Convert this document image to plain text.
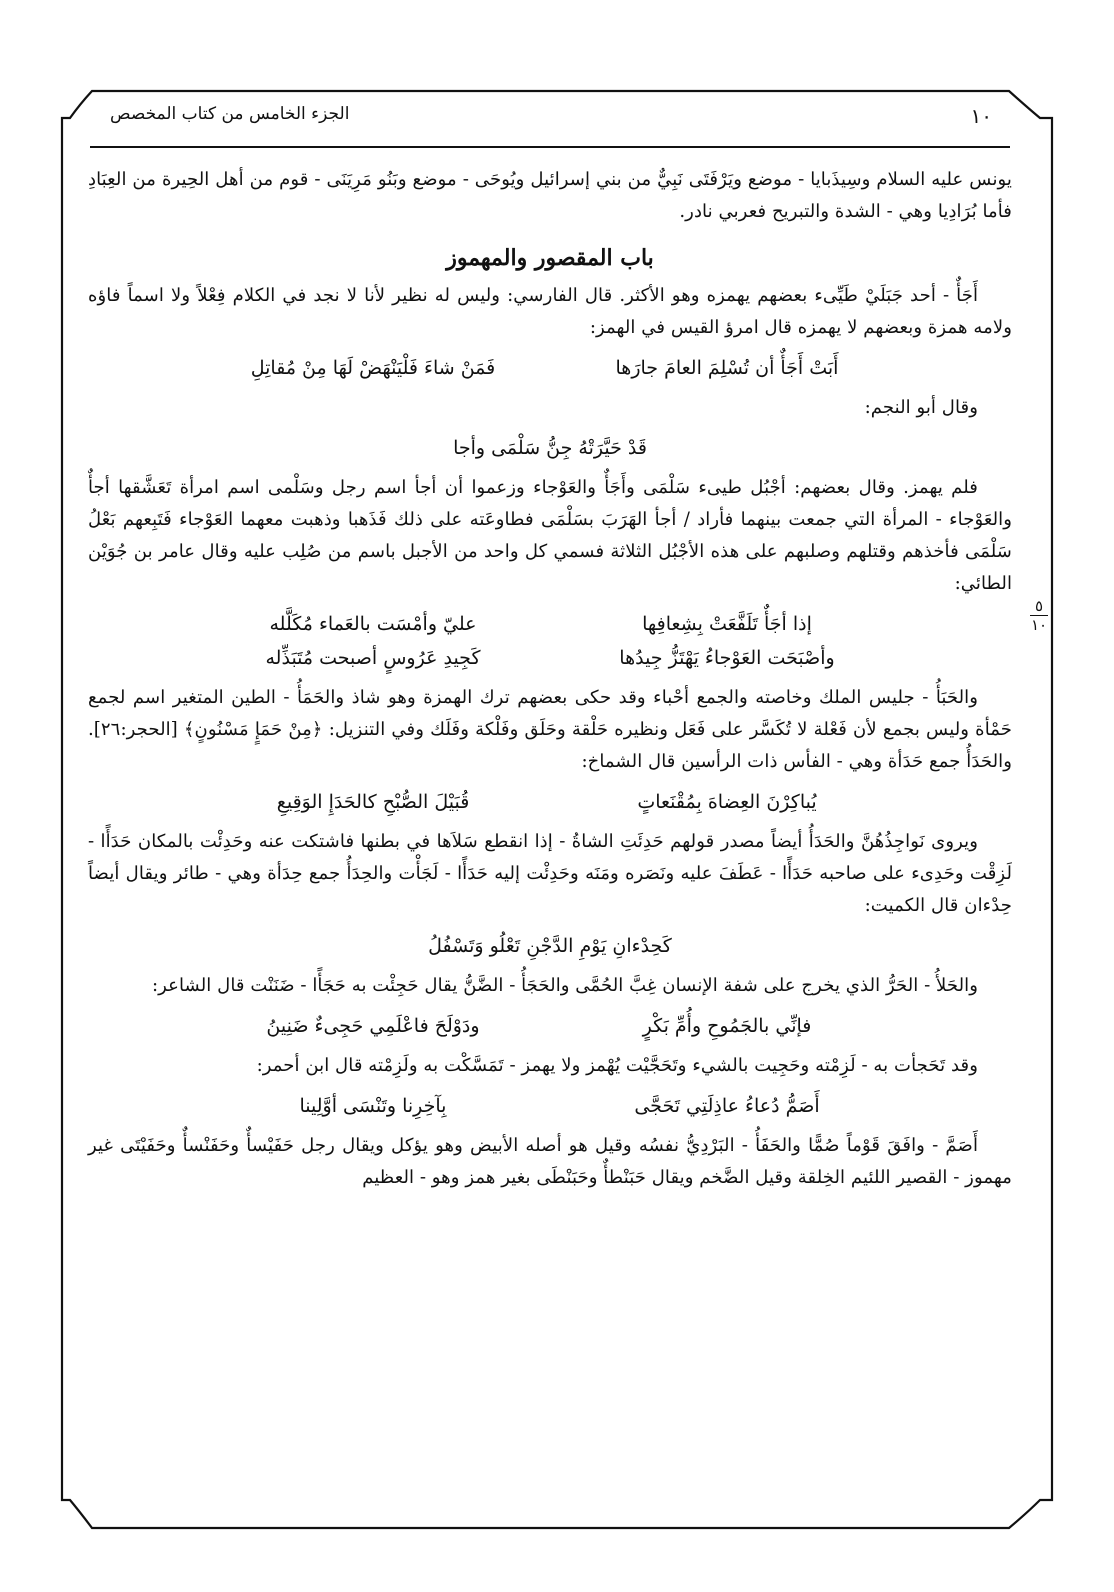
١٠
الجزء الخامس من كتاب المخصص
٥
١٠

يونس عليه السلام وسِيذَبايا - موضع ويَرْفَتَى نَبِيٌّ من بني إسرائيل ويُوحَى - موضع وبَنُو مَرِيَنَى - قوم من أهل الحِيرة من العِبَادِ فأما بُرَادِيا وهي - الشدة والتبريح فعربي نادر.

باب المقصور والمهموز

أَجَأٌ - أحد جَبَلَيْ طَيِّىء بعضهم يهمزه وهو الأكثر. قال الفارسي: وليس له نظير لأنا لا نجد في الكلام فِعْلاً ولا اسماً فاؤه ولامه همزة وبعضهم لا يهمزه قال امرؤ القيس في الهمز:

أَبَتْ أَجَأٌ أن تُسْلِمَ العامَ جارَها
فَمَنْ شاءَ فَلْيَنْهَضْ لَهَا مِنْ مُقاتِلِ

وقال أبو النجم:

قَدْ حَيَّرَتْهُ جِنُّ سَلْمَى وأجا

فلم يهمز. وقال بعضهم: أجْبُل طيىء سَلْمَى وأَجَأٌ والعَوْجاء وزعموا أن أجأ اسم رجل وسَلْمى اسم امرأة تَعَشَّقها أجأٌ والعَوْجاء - المرأة التي جمعت بينهما فأراد / أجأ الهَرَبَ بسَلْمَى فطاوعَته على ذلك فَذَهبا وذهبت معهما العَوْجاء فَتَبِعهم بَعْلُ سَلْمَى فأخذهم وقتلهم وصلبهم على هذه الأجْبُل الثلاثة فسمي كل واحد من الأجبل باسم من صُلِب عليه وقال عامر بن جُوَيْن الطائي:

إذا أجَأٌ تَلَفَّعَتْ بِشِعافِها
عليّ وأمْسَت بالعَماء مُكَلَّله
وأصْبَحَت العَوْجاءُ يَهْتَزُّ جِيدُها
كَجِيدِ عَرُوسٍ أصبحت مُتَبَذِّله

والحَبَأُ - جليس الملك وخاصته والجمع أحْباء وقد حكى بعضهم ترك الهمزة وهو شاذ والحَمَأُ - الطين المتغير اسم لجمع حَمْأة وليس بجمع لأن فَعْلة لا تُكَسَّر على فَعَل ونظيره حَلْقة وحَلَق وفَلْكة وفَلَك وفي التنزيل: ﴿مِنْ حَمَإٍ مَسْنُونٍ﴾ [الحجر:٢٦]. والحَدَأُ جمع حَدَأة وهي - الفأس ذات الرأسين قال الشماخ:

يُباكِرْنَ العِضاهَ بِمُقْنَعاتٍ
قُبَيْلَ الصُّبْحِ كالحَدَإِ الوَقِيعِ

ويروى نَواجِذُهُنَّ والحَدَأُ أيضاً مصدر قولهم حَدِئَتِ الشاةُ - إذا انقطع سَلاَها في بطنها فاشتكت عنه وحَدِئْت بالمكان حَدَأًا - لَزِقْت وحَدِىء على صاحبه حَدَأًا - عَطَفَ عليه ونَصَره ومَنَه وحَدِئْت إليه حَدَأًا - لَجَأْت والحِدَأُ جمع حِدَأة وهي - طائر ويقال أيضاً حِدْءان قال الكميت:

كَحِدْءانِ يَوْمِ الدَّجْنِ تَعْلُو وَتَسْفُلُ

والحَلأُ - الحَرُّ الذي يخرج على شفة الإنسان غِبَّ الحُمَّى والحَجَأُ - الضَّنُّ يقال حَجِئْت به حَجَأًا - ضَنَنْت قال الشاعر:

فإنِّي بالجَمُوحِ وأُمِّ بَكْرٍ
ودَوْلَحَ فاعْلَمِي حَجِىءٌ ضَنِينُ

وقد تَحَجأت به - لَزِمْته وحَجِيت بالشيء وتَحَجَّيْت يُهْمز ولا يهمز - تَمَسَّكْت به ولَزِمْته قال ابن أحمر:

أَصَمُّ دُعاءُ عاذِلَتِي تَحَجَّى
بِآخِرِنا وتَنْسَى أوَّلِينا

أَصَمَّ - وافَقَ قَوْماً صُمًّا والحَفَأُ - البَرْدِيُّ نفسُه وقيل هو أصله الأبيض وهو يؤكل ويقال رجل حَفَيْسأٌ وحَفَنْسأٌ وحَفَيْتَى غير مهموز - القصير اللئيم الخِلقة وقيل الضَّخم ويقال حَبَنْطأٌ وحَبَنْطَى بغير همز وهو - العظيم
